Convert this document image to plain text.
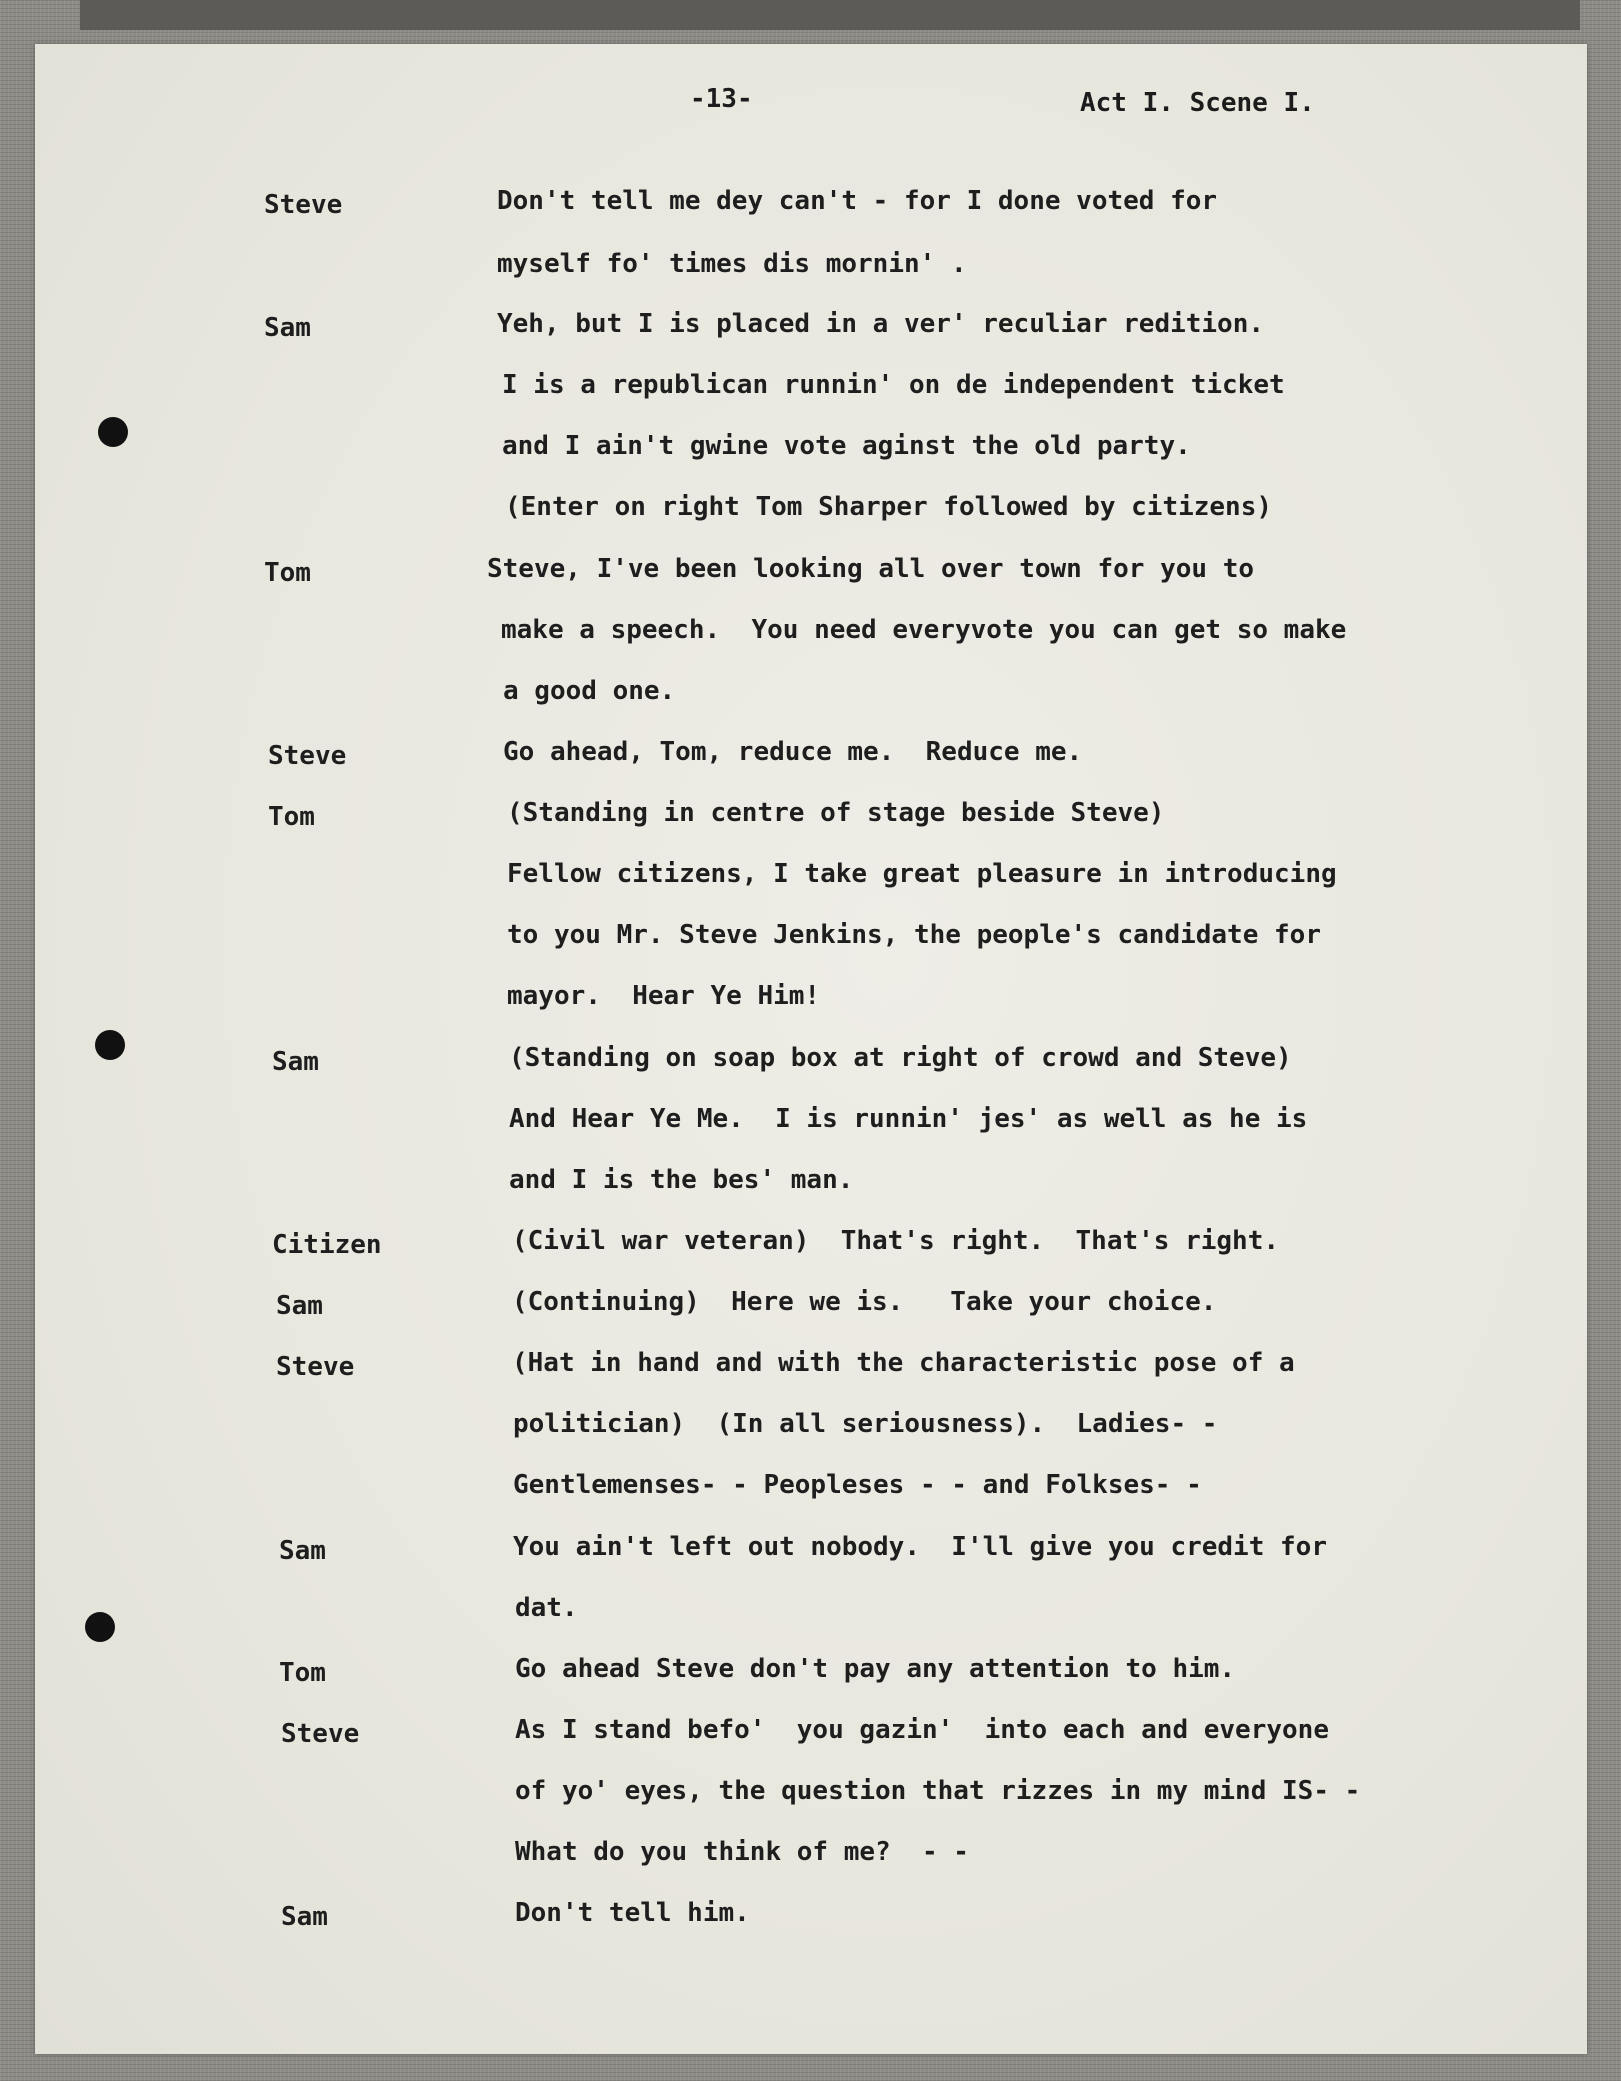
-13-	Act I. Scene I.
Steve	Don't tell me dey can't - for I done voted for
myself fo' times dis mornin' .
Sam	Yeh, but I is placed in a ver' reculiar redition.
I is a republican runnin' on de independent ticket
and I ain't gwine vote aginst the old party.
(Enter on right Tom Sharper followed by citizens)
Tom	Steve, I've been looking all over town for you to
make a speech.  You need everyvote you can get so make
a good one.
Steve	Go ahead, Tom, reduce me.  Reduce me.
Tom	(Standing in centre of stage beside Steve)
Fellow citizens, I take great pleasure in introducing
to you Mr. Steve Jenkins, the people's candidate for
mayor.  Hear Ye Him!
Sam	(Standing on soap box at right of crowd and Steve)
And Hear Ye Me.  I is runnin' jes' as well as he is
and I is the bes' man.
Citizen	(Civil war veteran)  That's right.  That's right.
Sam	(Continuing)  Here we is.   Take your choice.
Steve	(Hat in hand and with the characteristic pose of a
politician)  (In all seriousness).  Ladies- -
Gentlemenses- - Peopleses - - and Folkses- -
Sam	You ain't left out nobody.  I'll give you credit for
dat.
Tom	Go ahead Steve don't pay any attention to him.
Steve	As I stand befo'  you gazin'  into each and everyone
of yo' eyes, the question that rizzes in my mind IS- -
What do you think of me?  - -
Sam	Don't tell him.
